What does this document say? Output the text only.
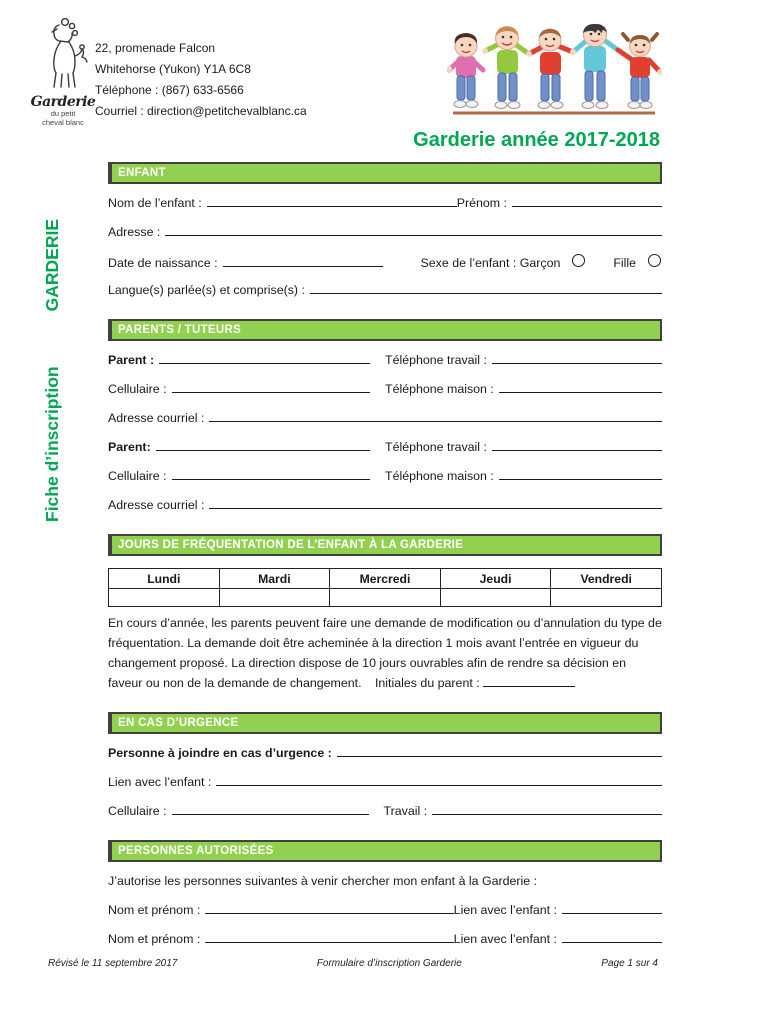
Garderie
du petit
cheval blanc
22, promenade Falcon
Whitehorse (Yukon) Y1A 6C8
Téléphone : (867) 633-6566
Courriel : direction@petitchevalblanc.ca
Garderie année 2017-2018
Fiche d’inscription
GARDERIE
ENFANT
Nom de l’enfant :	Prénom :
Adresse :
Date de naissance :	Sexe de l’enfant : Garçon	Fille
Langue(s) parlée(s) et comprise(s) :
PARENTS / TUTEURS
Parent :	Téléphone travail :
Cellulaire :	Téléphone maison :
Adresse courriel :
Parent:	Téléphone travail :
Cellulaire :	Téléphone maison :
Adresse courriel :
JOURS DE FRÉQUENTATION DE L’ENFANT À LA GARDERIE
Lundi	Mardi	Mercredi	Jeudi	Vendredi

En cours d’année, les parents peuvent faire une demande de modification ou d’annulation du type de fréquentation. La demande doit être acheminée à la direction 1 mois avant l’entrée en vigueur du changement proposé. La direction dispose de 10 jours ouvrables afin de rendre sa décision en faveur ou non de la demande de changement. Initiales du parent :
EN CAS D’URGENCE
Personne à joindre en cas d’urgence :
Lien avec l’enfant :
Cellulaire :	Travail :
PERSONNES AUTORISÉES
J’autorise les personnes suivantes à venir chercher mon enfant à la Garderie :
Nom et prénom :	Lien avec l’enfant :
Nom et prénom :	Lien avec l’enfant :
Révisé le 11 septembre 2017	Formulaire d’inscription Garderie	Page 1 sur 4
